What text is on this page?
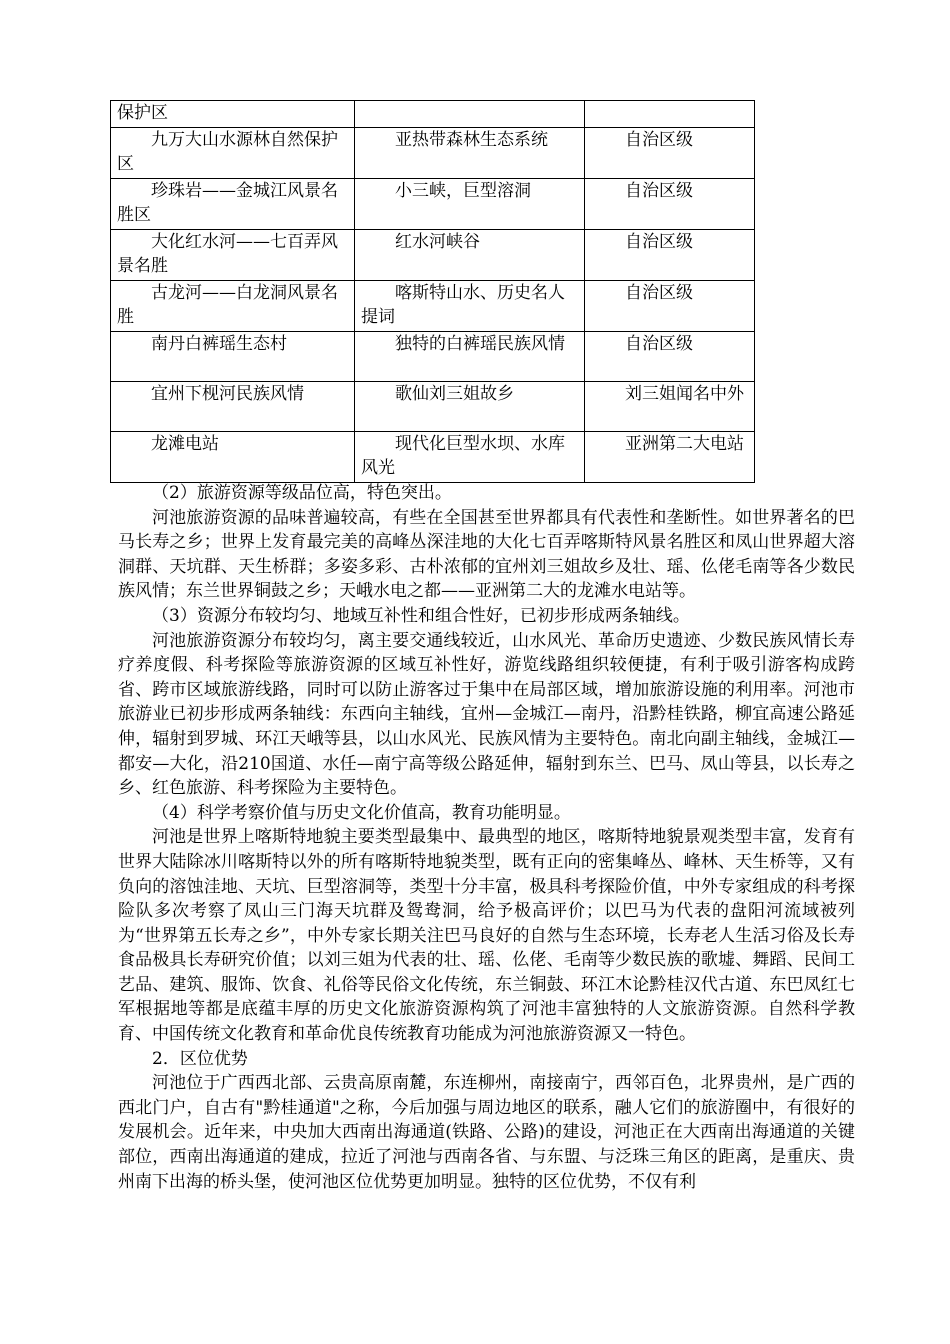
保护区		
九万大山水源林自然保护区	亚热带森林生态系统	自治区级
珍珠岩——金城江风景名胜区	小三峡，巨型溶洞	自治区级
大化红水河——七百弄风景名胜	红水河峡谷	自治区级
古龙河——白龙洞风景名胜	喀斯特山水、历史名人提词	自治区级
南丹白裤瑶生态村	独特的白裤瑶民族风情	自治区级
宜州下枧河民族风情	歌仙刘三姐故乡	刘三姐闻名中外
龙滩电站	现代化巨型水坝、水库风光	亚洲第二大电站

（2）旅游资源等级品位高，特色突出。

河池旅游资源的品味普遍较高，有些在全国甚至世界都具有代表性和垄断性。如世界著名的巴马长寿之乡；世界上发育最完美的高峰丛深洼地的大化七百弄喀斯特风景名胜区和凤山世界超大溶洞群、天坑群、天生桥群；多姿多彩、古朴浓郁的宜州刘三姐故乡及壮、瑶、仫佬毛南等各少数民族风情；东兰世界铜鼓之乡；天峨水电之都——亚洲第二大的龙滩水电站等。

（3）资源分布较均匀、地域互补性和组合性好，已初步形成两条轴线。

河池旅游资源分布较均匀，离主要交通线较近，山水风光、革命历史遗迹、少数民族风情长寿疗养度假、科考探险等旅游资源的区域互补性好，游览线路组织较便捷，有利于吸引游客构成跨省、跨市区域旅游线路，同时可以防止游客过于集中在局部区域，增加旅游设施的利用率。河池市旅游业已初步形成两条轴线：东西向主轴线，宜州—金城江—南丹，沿黔桂铁路，柳宜高速公路延伸，辐射到罗城、环江天峨等县，以山水风光、民族风情为主要特色。南北向副主轴线，金城江—都安—大化，沿210国道、水任—南宁高等级公路延伸，辐射到东兰、巴马、凤山等县，以长寿之乡、红色旅游、科考探险为主要特色。

（4）科学考察价值与历史文化价值高，教育功能明显。

河池是世界上喀斯特地貌主要类型最集中、最典型的地区，喀斯特地貌景观类型丰富，发育有世界大陆除冰川喀斯特以外的所有喀斯特地貌类型，既有正向的密集峰丛、峰林、天生桥等，又有负向的溶蚀洼地、天坑、巨型溶洞等，类型十分丰富，极具科考探险价值，中外专家组成的科考探险队多次考察了凤山三门海天坑群及鸳鸯洞，给予极高评价；以巴马为代表的盘阳河流域被列为“世界第五长寿之乡”，中外专家长期关注巴马良好的自然与生态环境，长寿老人生活习俗及长寿食品极具长寿研究价值；以刘三姐为代表的壮、瑶、仫佬、毛南等少数民族的歌墟、舞蹈、民间工艺品、建筑、服饰、饮食、礼俗等民俗文化传统，东兰铜鼓、环江木论黔桂汉代古道、东巴凤红七军根据地等都是底蕴丰厚的历史文化旅游资源构筑了河池丰富独特的人文旅游资源。自然科学教育、中国传统文化教育和革命优良传统教育功能成为河池旅游资源又一特色。

2．区位优势

河池位于广西西北部、云贵高原南麓，东连柳州，南接南宁，西邻百色，北界贵州，是广西的西北门户，自古有"黔桂通道"之称，今后加强与周边地区的联系，融人它们的旅游圈中，有很好的发展机会。近年来，中央加大西南出海通道(铁路、公路)的建设，河池正在大西南出海通道的关键部位，西南出海通道的建成，拉近了河池与西南各省、与东盟、与泛珠三角区的距离，是重庆、贵州南下出海的桥头堡，使河池区位优势更加明显。独特的区位优势，不仅有利
